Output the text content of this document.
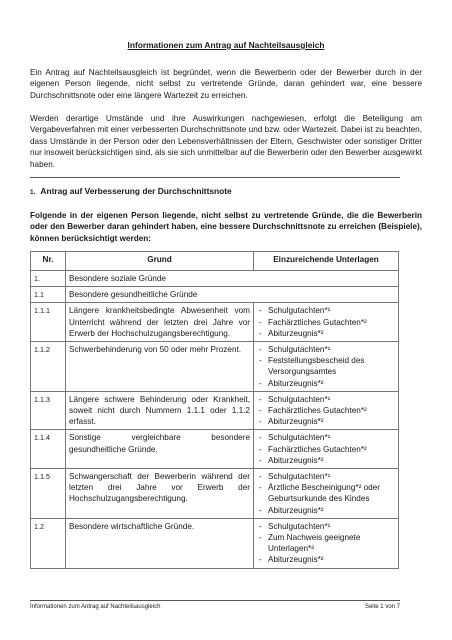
Informationen zum Antrag auf Nachteilsausgleich

Ein Antrag auf Nachteilsausgleich ist begründet, wenn die Bewerberin oder der Bewerber durch in der eigenen Person liegende, nicht selbst zu vertretende Gründe, daran gehindert war, eine bessere Durchschnittsnote oder eine längere Wartezeit zu erreichen.

Werden derartige Umstände und ihre Auswirkungen nachgewiesen, erfolgt die Beteiligung am Vergabeverfahren mit einer verbesserten Durchschnittsnote und bzw. oder Wartezeit. Dabei ist zu beachten, dass Umstände in der Person oder den Lebensverhältnissen der Eltern, Geschwister oder sonstiger Dritter nur insoweit berücksichtigen sind, als sie sich unmittelbar auf die Bewerberin oder den Bewerber ausgewirkt haben.

1. Antrag auf Verbesserung der Durchschnittsnote

Folgende in der eigenen Person liegende, nicht selbst zu vertretende Gründe, die die Bewerberin oder den Bewerber daran gehindert haben, eine bessere Durchschnittsnote zu erreichen (Beispiele), können berücksichtigt werden:

Nr.	Grund	Einzureichende Unterlagen
1.	Besondere soziale Gründe	
1.1	Besondere gesundheitliche Gründe	
1.1.1	Längere krankheitsbedingte Abwesenheit vom Unterricht während der letzten drei Jahre vor Erwerb der Hochschulzugangsberechtigung.	- Schulgutachten*¹
- Fachärztliches Gutachten*²
- Abiturzeugnis*²

1.1.2	Schwerbehinderung von 50 oder mehr Prozent.	- Schulgutachten*¹
- Feststellungsbescheid des Versorgungsamtes
- Abiturzeugnis*²

1.1.3	Längere schwere Behinderung oder Krankheit, soweit nicht durch Nummern 1.1.1 oder 1.1.2 erfasst.	- Schulgutachten*¹
- Fachärztliches Gutachten*²
- Abiturzeugnis*²

1.1.4	Sonstige vergleichbare besondere gesundheitliche Gründe.	- Schulgutachten*¹
- Fachärztliches Gutachten*²
- Abiturzeugnis*²

1.1.5	Schwangerschaft der Bewerberin während der letzten drei Jahre vor Erwerb der Hochschulzugangsberechtigung.	- Schulgutachten*¹
- Ärztliche Bescheinigung*² oder Geburtsurkunde des Kindes
- Abiturzeugnis*²

1.2	Besondere wirtschaftliche Gründe.	- Schulgutachten*¹
- Zum Nachweis geeignete Unterlagen*²
- Abiturzeugnis*²
Informationen zum Antrag auf Nachteilsausgleich	Seite 1 von 7
